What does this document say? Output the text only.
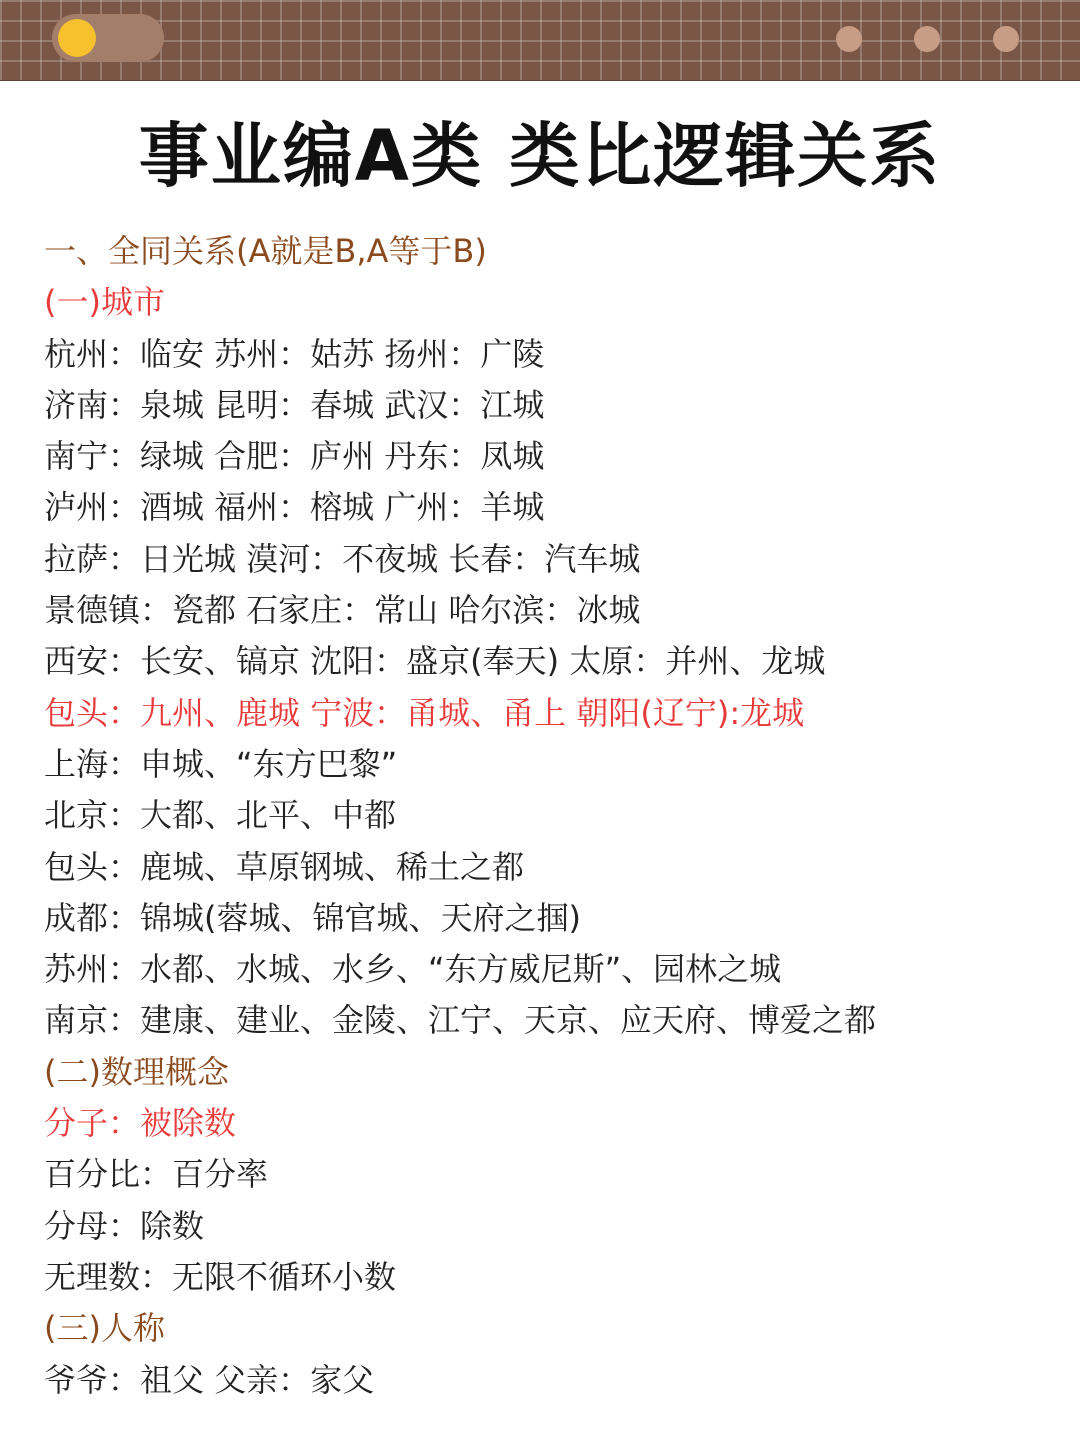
事业编A类 类比逻辑关系
一、全同关系(A就是B,A等于B)
(一)城市
杭州：临安 苏州：姑苏 扬州：广陵
济南：泉城 昆明：春城 武汉：江城
南宁：绿城 合肥：庐州 丹东：凤城
泸州：酒城 福州：榕城 广州：羊城
拉萨：日光城 漠河：不夜城 长春：汽车城
景德镇：瓷都 石家庄：常山 哈尔滨：冰城
西安：长安、镐京 沈阳：盛京(奉天) 太原：并州、龙城
包头：九州、鹿城 宁波：甬城、甬上 朝阳(辽宁):龙城
上海：申城、“东方巴黎”
北京：大都、北平、中都
包头：鹿城、草原钢城、稀土之都
成都：锦城(蓉城、锦官城、天府之掴)
苏州：水都、水城、水乡、“东方威尼斯”、园林之城
南京：建康、建业、金陵、江宁、天京、应天府、博爱之都
(二)数理概念
分子：被除数
百分比：百分率
分母：除数
无理数：无限不循环小数
(三)人称
爷爷：祖父 父亲：家父
